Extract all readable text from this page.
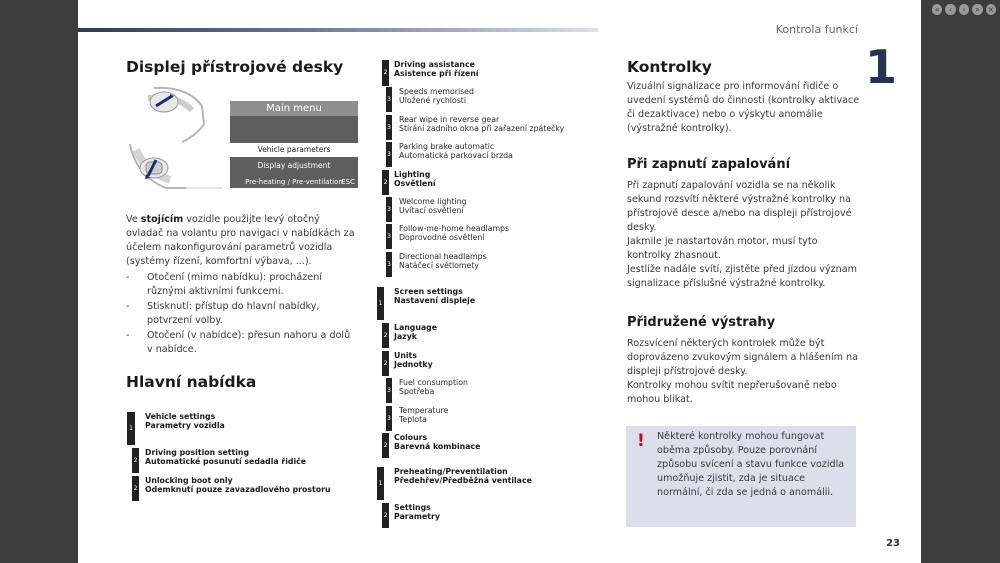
«	‹	›	» ×
Kontrola funkcí
1
Displej přístrojové desky
Main menu
Vehicle parameters
Display adjustment
Pre-heating / Pre-ventilation
ESC
Ve stojícím vozidle použijte levý otočný ovladač na volantu pro navigaci v nabídkách za účelem nakonfigurování parametrů vozidla (systémy řízení, komfortní výbava, ...).
- Otočení (mimo nabídku): procházení různými aktivními funkcemi.
- Stisknutí: přístup do hlavní nabídky, potvrzení volby.
- Otočení (v nabídce): přesun nahoru a dolů v nabídce.
Hlavní nabídka
1
Vehicle settings
Parametry vozidla
2
Driving position setting
Automatické posunutí sedadla řidiče
2
Unlocking boot only
Odemknutí pouze zavazadlového prostoru
2
Driving assistance
Asistence při řízení
3
Speeds memorised
Uložené rychlosti
3
Rear wipe in reverse gear
Stírání zadního okna při zařazení zpátečky
3
Parking brake automatic
Automatická parkovací brzda
2
Lighting
Osvětlení
3
Welcome lighting
Uvítací osvětlení
3
Follow-me-home headlamps
Doprovodné osvětlení
3
Directional headlamps
Natáčecí světlomety
1
Screen settings
Nastavení displeje
2
Language
Jazyk
2
Units
Jednotky
3
Fuel consumption
Spotřeba
3
Temperature
Teplota
2
Colours
Barevná kombinace
1
Preheating/Preventilation
Předehřev/Předběžná ventilace
2
Settings
Parametry
Kontrolky
Vizuální signalizace pro informování řidiče o uvedení systémů do činnosti (kontrolky aktivace či dezaktivace) nebo o výskytu anomálie (výstražné kontrolky).
Při zapnutí zapalování
Při zapnutí zapalování vozidla se na několik sekund rozsvítí některé výstražné kontrolky na přístrojové desce a/nebo na displeji přístrojové desky.
Jakmile je nastartován motor, musí tyto kontrolky zhasnout.
Jestliže nadále svítí, zjistěte před jízdou význam signalizace příslušné výstražné kontrolky.
Přidružené výstrahy
Rozsvícení některých kontrolek může být doprovázeno zvukovým signálem a hlášením na displeji přístrojové desky.
Kontrolky mohou svítit nepřerušovaně nebo mohou blikat.
! Některé kontrolky mohou fungovat oběma způsoby. Pouze porovnání způsobu svícení a stavu funkce vozidla umožňuje zjistit, zda je situace normální, či zda se jedná o anomálii.
23
